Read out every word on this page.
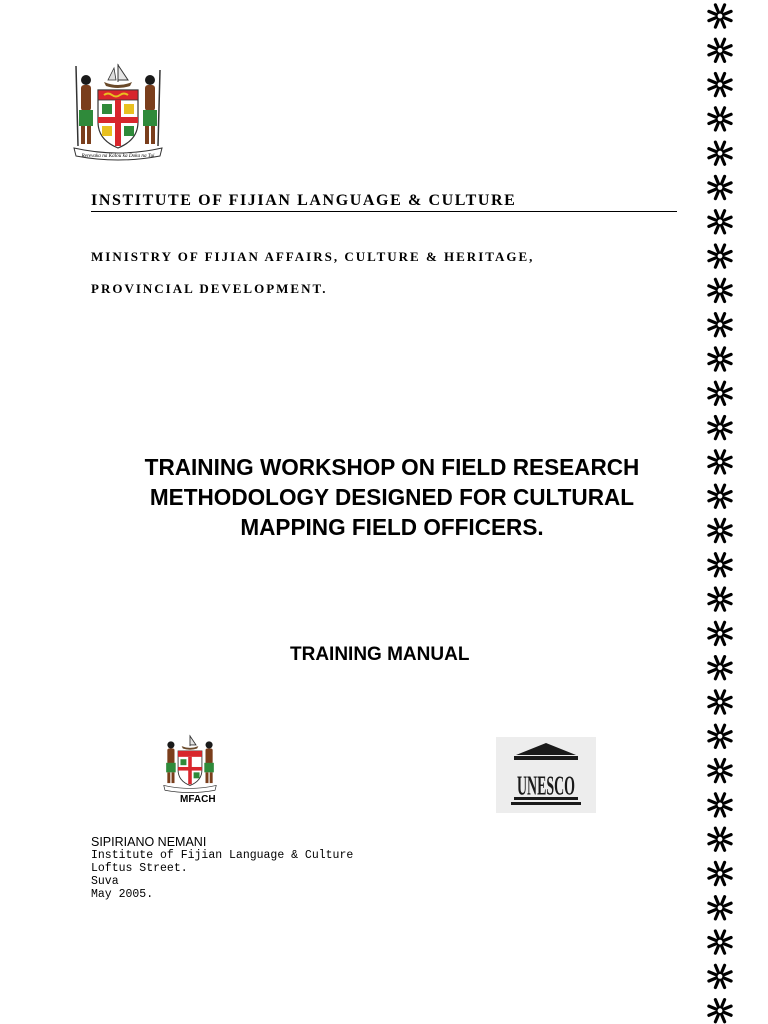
Rerevaka na Kalou ka Doka na Tui
INSTITUTE OF FIJIAN LANGUAGE & CULTURE

MINISTRY OF FIJIAN AFFAIRS, CULTURE & HERITAGE,

PROVINCIAL DEVELOPMENT.

TRAINING WORKSHOP ON FIELD RESEARCH
METHODOLOGY DESIGNED FOR CULTURAL
MAPPING FIELD OFFICERS.
TRAINING MANUAL
MFACH	UNESCO
SIPIRIANO NEMANI
Institute of Fijian Language & Culture
Loftus Street.
Suva
May 2005.
